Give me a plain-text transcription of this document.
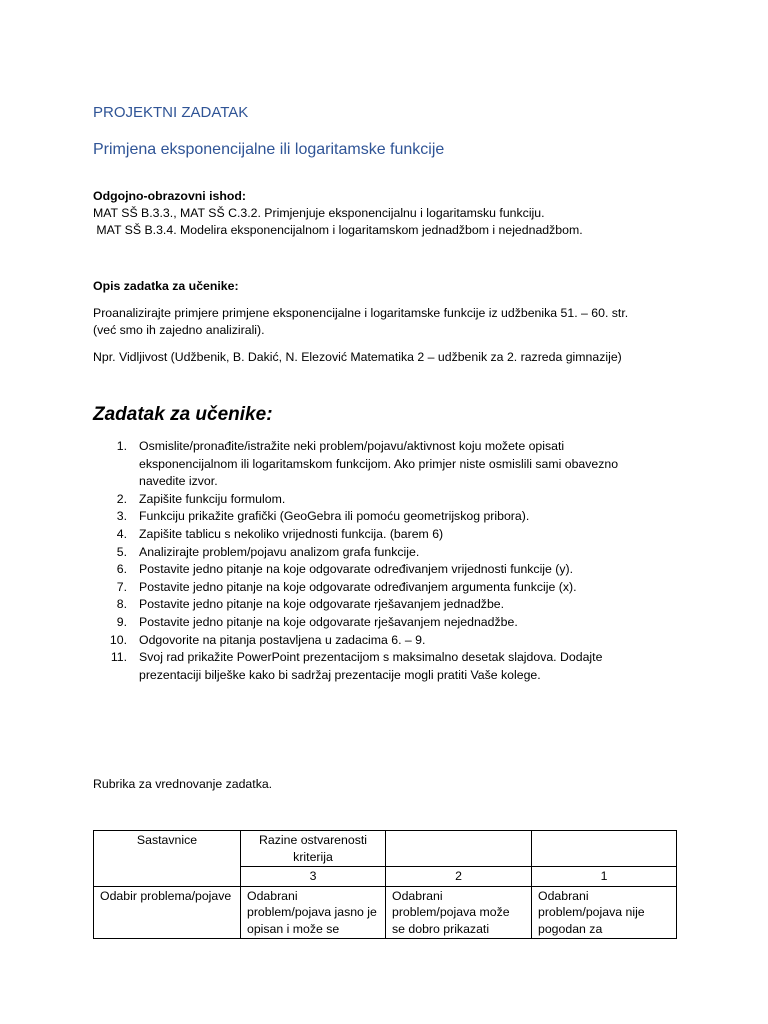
PROJEKTNI ZADATAK
Primjena eksponencijalne ili logaritamske funkcije
Odgojno-obrazovni ishod:
MAT SŠ B.3.3., MAT SŠ C.3.2. Primjenjuje eksponencijalnu i logaritamsku funkciju.
MAT SŠ B.3.4. Modelira eksponencijalnom i logaritamskom jednadžbom i nejednadžbom.
Opis zadatka za učenike:
Proanalizirajte primjere primjene eksponencijalne i logaritamske funkcije iz udžbenika 51. – 60. str.
(već smo ih zajedno analizirali).
Npr. Vidljivost (Udžbenik, B. Dakić, N. Elezović Matematika 2 – udžbenik za 2. razreda gimnazije)
Zadatak za učenike:
1. Osmislite/pronađite/istražite neki problem/pojavu/aktivnost koju možete opisati
eksponencijalnom ili logaritamskom funkcijom. Ako primjer niste osmislili sami obavezno
navedite izvor.
2. Zapišite funkciju formulom.
3. Funkciju prikažite grafički (GeoGebra ili pomoću geometrijskog pribora).
4. Zapišite tablicu s nekoliko vrijednosti funkcija. (barem 6)
5. Analizirajte problem/pojavu analizom grafa funkcije.
6. Postavite jedno pitanje na koje odgovarate određivanjem vrijednosti funkcije (y).
7. Postavite jedno pitanje na koje odgovarate određivanjem argumenta funkcije (x).
8. Postavite jedno pitanje na koje odgovarate rješavanjem jednadžbe.
9. Postavite jedno pitanje na koje odgovarate rješavanjem nejednadžbe.
10. Odgovorite na pitanja postavljena u zadacima 6. – 9.
11. Svoj rad prikažite PowerPoint prezentacijom s maksimalno desetak slajdova. Dodajte
prezentaciji bilješke kako bi sadržaj prezentacije mogli pratiti Vaše kolege.
Rubrika za vrednovanje zadatka.
Sastavnice	Razine ostvarenosti kriterija		
	3	2	1
Odabir problema/pojave	Odabrani problem/pojava jasno je opisan i može se	Odabrani problem/pojava može se dobro prikazati	Odabrani problem/pojava nije pogodan za
